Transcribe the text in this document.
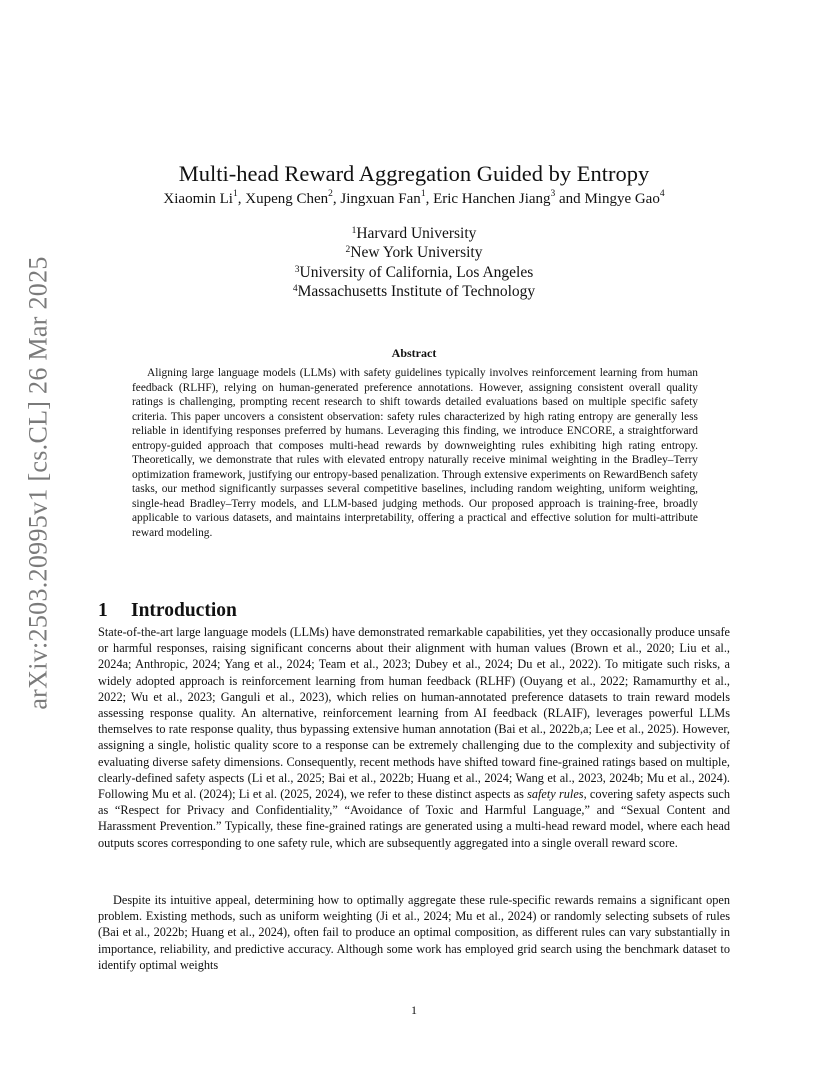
arXiv:2503.20995v1 [cs.CL] 26 Mar 2025
Multi-head Reward Aggregation Guided by Entropy
Xiaomin Li$^1$, Xupeng Chen$^2$, Jingxuan Fan$^1$, Eric Hanchen Jiang$^3$ and Mingye Gao$^4$
$^1$Harvard University
$^2$New York University
$^3$University of California, Los Angeles
$^4$Massachusetts Institute of Technology
Abstract

Aligning large language models (LLMs) with safety guidelines typically involves reinforcement learning from human feedback (RLHF), relying on human-generated preference annotations. However, assigning consistent overall quality ratings is challenging, prompting recent research to shift towards detailed evaluations based on multiple specific safety criteria. This paper uncovers a consistent observation: safety rules characterized by high rating entropy are generally less reliable in identifying responses preferred by humans. Leveraging this finding, we introduce ENCORE, a straightforward entropy-guided approach that composes multi-head rewards by downweighting rules exhibiting high rating entropy. Theoretically, we demonstrate that rules with elevated entropy naturally receive minimal weighting in the Bradley–Terry optimization framework, justifying our entropy-based penalization. Through extensive experiments on RewardBench safety tasks, our method significantly surpasses several competitive baselines, including random weighting, uniform weighting, single-head Bradley–Terry models, and LLM-based judging methods. Our proposed approach is training-free, broadly applicable to various datasets, and maintains interpretability, offering a practical and effective solution for multi-attribute reward modeling.

1 Introduction

State-of-the-art large language models (LLMs) have demonstrated remarkable capabilities, yet they occasionally produce unsafe or harmful responses, raising significant concerns about their alignment with human values (Brown et al., 2020; Liu et al., 2024a; Anthropic, 2024; Yang et al., 2024; Team et al., 2023; Dubey et al., 2024; Du et al., 2022). To mitigate such risks, a widely adopted approach is reinforcement learning from human feedback (RLHF) (Ouyang et al., 2022; Ramamurthy et al., 2022; Wu et al., 2023; Ganguli et al., 2023), which relies on human-annotated preference datasets to train reward models assessing response quality. An alternative, reinforcement learning from AI feedback (RLAIF), leverages powerful LLMs themselves to rate response quality, thus bypassing extensive human annotation (Bai et al., 2022b,a; Lee et al., 2025). However, assigning a single, holistic quality score to a response can be extremely challenging due to the complexity and subjectivity of evaluating diverse safety dimensions. Consequently, recent methods have shifted toward fine-grained ratings based on multiple, clearly-defined safety aspects (Li et al., 2025; Bai et al., 2022b; Huang et al., 2024; Wang et al., 2023, 2024b; Mu et al., 2024). Following Mu et al. (2024); Li et al. (2025, 2024), we refer to these distinct aspects as safety rules, covering safety aspects such as “Respect for Privacy and Confidentiality,” “Avoidance of Toxic and Harmful Language,” and “Sexual Content and Harassment Prevention.” Typically, these fine-grained ratings are generated using a multi-head reward model, where each head outputs scores corresponding to one safety rule, which are subsequently aggregated into a single overall reward score.

Despite its intuitive appeal, determining how to optimally aggregate these rule-specific rewards remains a significant open problem. Existing methods, such as uniform weighting (Ji et al., 2024; Mu et al., 2024) or randomly selecting subsets of rules (Bai et al., 2022b; Huang et al., 2024), often fail to produce an optimal composition, as different rules can vary substantially in importance, reliability, and predictive accuracy. Although some work has employed grid search using the benchmark dataset to identify optimal weights

1
